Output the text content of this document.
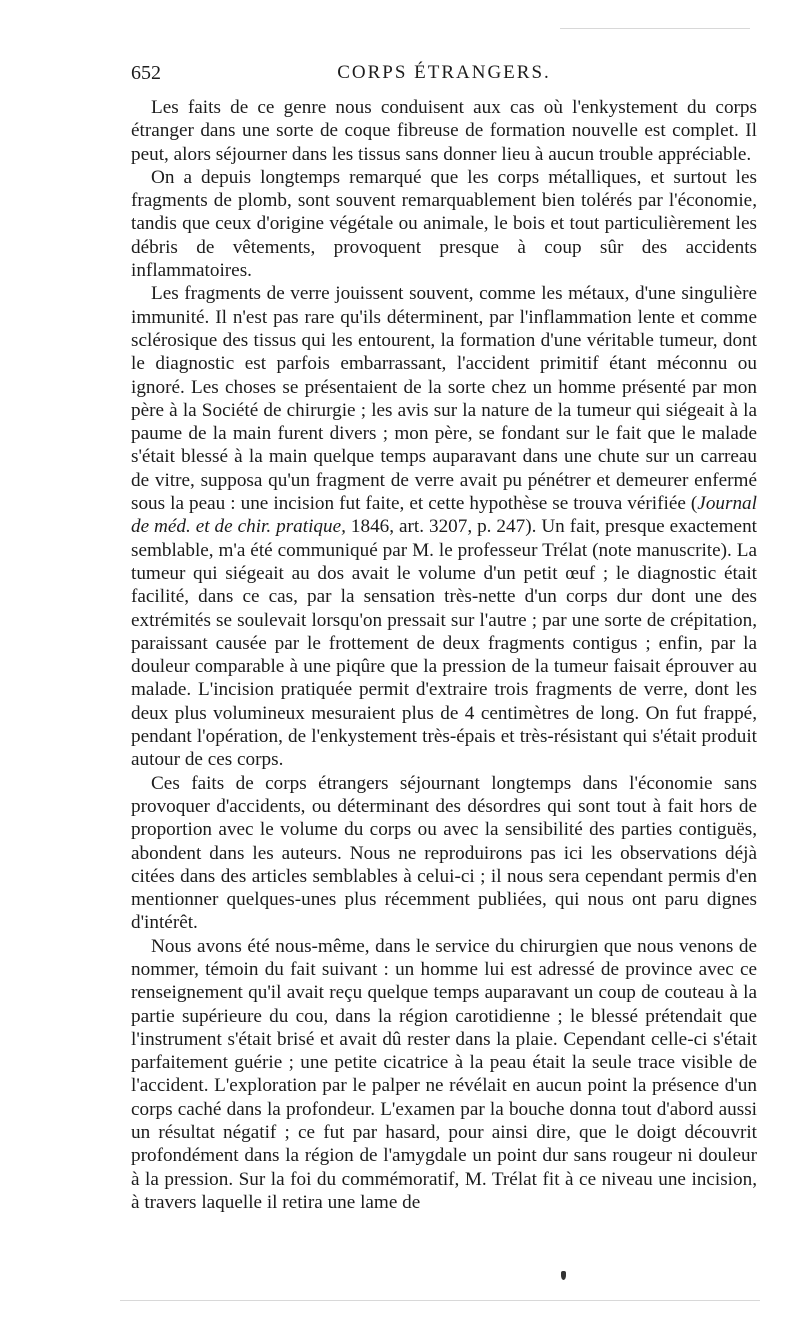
652	CORPS ÉTRANGERS.

Les faits de ce genre nous conduisent aux cas où l'enkystement du corps étranger dans une sorte de coque fibreuse de formation nouvelle est complet. Il peut, alors séjourner dans les tissus sans donner lieu à aucun trouble appréciable.

On a depuis longtemps remarqué que les corps métalliques, et surtout les fragments de plomb, sont souvent remarquablement bien tolérés par l'économie, tandis que ceux d'origine végétale ou animale, le bois et tout particulièrement les débris de vêtements, provoquent presque à coup sûr des accidents inflammatoires.

Les fragments de verre jouissent souvent, comme les métaux, d'une singulière immunité. Il n'est pas rare qu'ils déterminent, par l'inflammation lente et comme sclérosique des tissus qui les entourent, la formation d'une véritable tumeur, dont le diagnostic est parfois embarrassant, l'accident primitif étant méconnu ou ignoré. Les choses se présentaient de la sorte chez un homme présenté par mon père à la Société de chirurgie ; les avis sur la nature de la tumeur qui siégeait à la paume de la main furent divers ; mon père, se fondant sur le fait que le malade s'était blessé à la main quelque temps auparavant dans une chute sur un carreau de vitre, supposa qu'un fragment de verre avait pu pénétrer et demeurer enfermé sous la peau : une incision fut faite, et cette hypothèse se trouva vérifiée (Journal de méd. et de chir. pratique, 1846, art. 3207, p. 247). Un fait, presque exactement semblable, m'a été communiqué par M. le professeur Trélat (note manuscrite). La tumeur qui siégeait au dos avait le volume d'un petit œuf ; le diagnostic était facilité, dans ce cas, par la sensation très-nette d'un corps dur dont une des extrémités se soulevait lorsqu'on pressait sur l'autre ; par une sorte de crépitation, paraissant causée par le frottement de deux fragments contigus ; enfin, par la douleur comparable à une piqûre que la pression de la tumeur faisait éprouver au malade. L'incision pratiquée permit d'extraire trois fragments de verre, dont les deux plus volumineux mesuraient plus de 4 centimètres de long. On fut frappé, pendant l'opération, de l'enkystement très-épais et très-résistant qui s'était produit autour de ces corps.

Ces faits de corps étrangers séjournant longtemps dans l'économie sans provoquer d'accidents, ou déterminant des désordres qui sont tout à fait hors de proportion avec le volume du corps ou avec la sensibilité des parties contiguës, abondent dans les auteurs. Nous ne reproduirons pas ici les observations déjà citées dans des articles semblables à celui-ci ; il nous sera cependant permis d'en mentionner quelques-unes plus récemment publiées, qui nous ont paru dignes d'intérêt.

Nous avons été nous-même, dans le service du chirurgien que nous venons de nommer, témoin du fait suivant : un homme lui est adressé de province avec ce renseignement qu'il avait reçu quelque temps auparavant un coup de couteau à la partie supérieure du cou, dans la région carotidienne ; le blessé prétendait que l'instrument s'était brisé et avait dû rester dans la plaie. Cependant celle-ci s'était parfaitement guérie ; une petite cicatrice à la peau était la seule trace visible de l'accident. L'exploration par le palper ne révélait en aucun point la présence d'un corps caché dans la profondeur. L'examen par la bouche donna tout d'abord aussi un résultat négatif ; ce fut par hasard, pour ainsi dire, que le doigt découvrit profondément dans la région de l'amygdale un point dur sans rougeur ni douleur à la pression. Sur la foi du commémoratif, M. Trélat fit à ce niveau une incision, à travers laquelle il retira une lame de
